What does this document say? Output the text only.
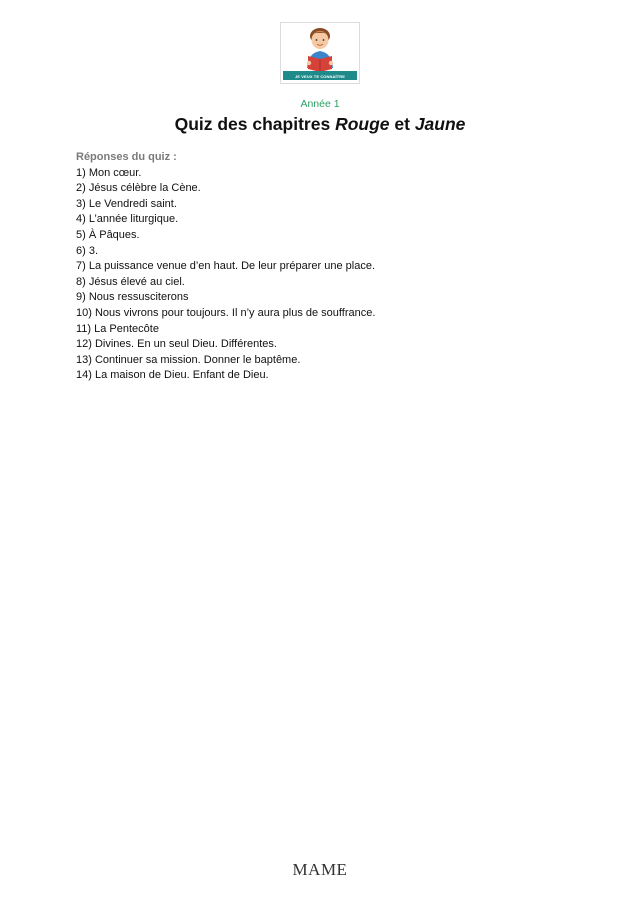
JE VEUX TE CONNAÎTRE
Année 1
Quiz des chapitres Rouge et Jaune
Réponses du quiz :
1) Mon cœur.
2) Jésus célèbre la Cène.
3) Le Vendredi saint.
4) L’année liturgique.
5) À Pâques.
6) 3.
7) La puissance venue d’en haut. De leur préparer une place.
8) Jésus élevé au ciel.
9) Nous ressusciterons
10) Nous vivrons pour toujours. Il n’y aura plus de souffrance.
11) La Pentecôte
12) Divines. En un seul Dieu. Différentes.
13) Continuer sa mission. Donner le baptême.
14) La maison de Dieu. Enfant de Dieu.
MAME
